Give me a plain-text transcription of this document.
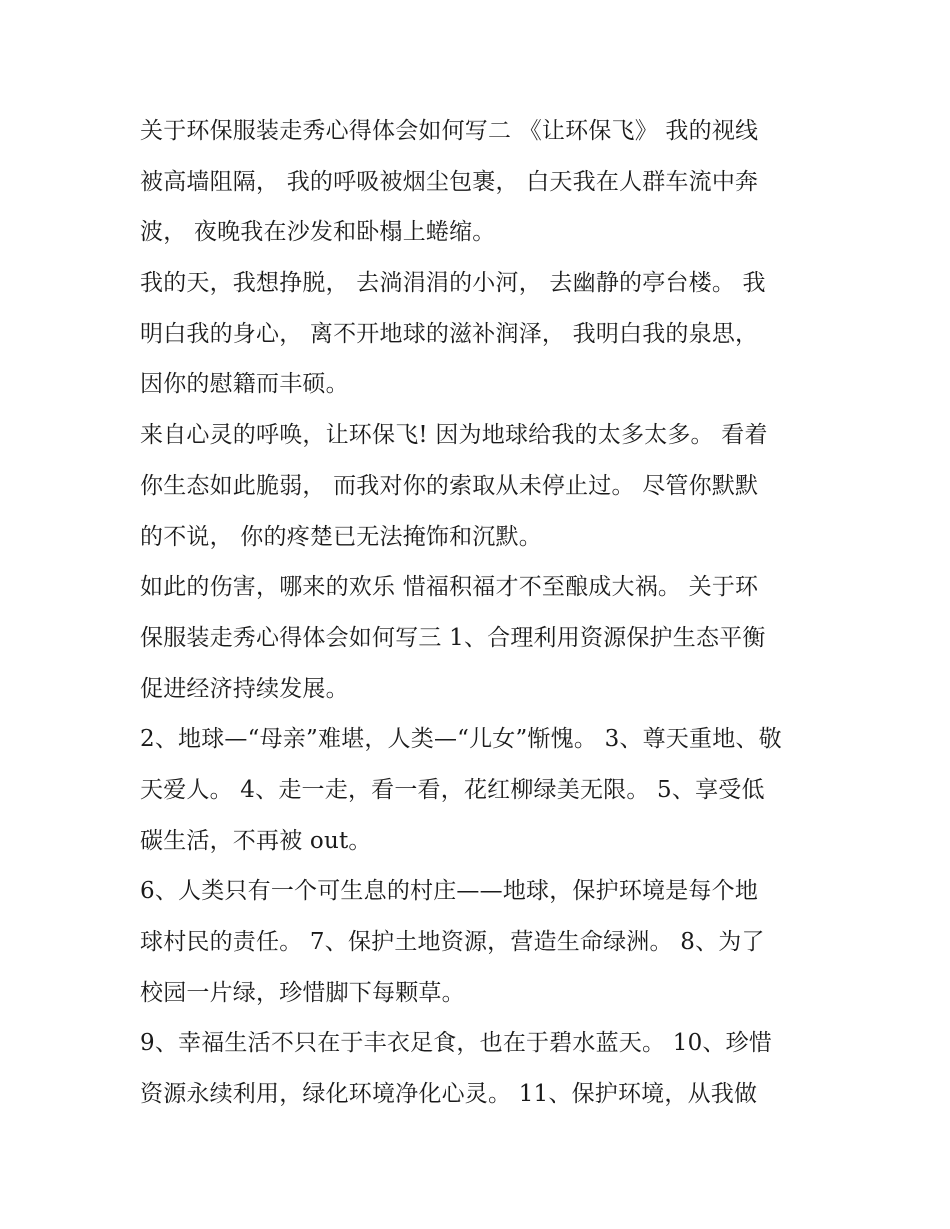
关于环保服装走秀心得体会如何写二 《让环保飞》 我的视线
被高墙阻隔， 我的呼吸被烟尘包裹， 白天我在人群车流中奔
波， 夜晚我在沙发和卧榻上蜷缩。
我的天，我想挣脱， 去淌涓涓的小河， 去幽静的亭台楼。 我
明白我的身心， 离不开地球的滋补润泽， 我明白我的泉思，
因你的慰籍而丰硕。
来自心灵的呼唤，让环保飞! 因为地球给我的太多太多。 看着
你生态如此脆弱， 而我对你的索取从未停止过。 尽管你默默
的不说， 你的疼楚已无法掩饰和沉默。
如此的伤害，哪来的欢乐 惜福积福才不至酿成大祸。 关于环
保服装走秀心得体会如何写三 1、合理利用资源保护生态平衡
促进经济持续发展。
2、地球—“母亲”难堪，人类—“儿女”惭愧。 3、尊天重地、敬
天爱人。 4、走一走，看一看，花红柳绿美无限。 5、享受低
碳生活，不再被 out。
6、人类只有一个可生息的村庄——地球，保护环境是每个地
球村民的责任。 7、保护土地资源，营造生命绿洲。 8、为了
校园一片绿，珍惜脚下每颗草。
9、幸福生活不只在于丰衣足食，也在于碧水蓝天。 10、珍惜
资源永续利用，绿化环境净化心灵。 11、保护环境，从我做
